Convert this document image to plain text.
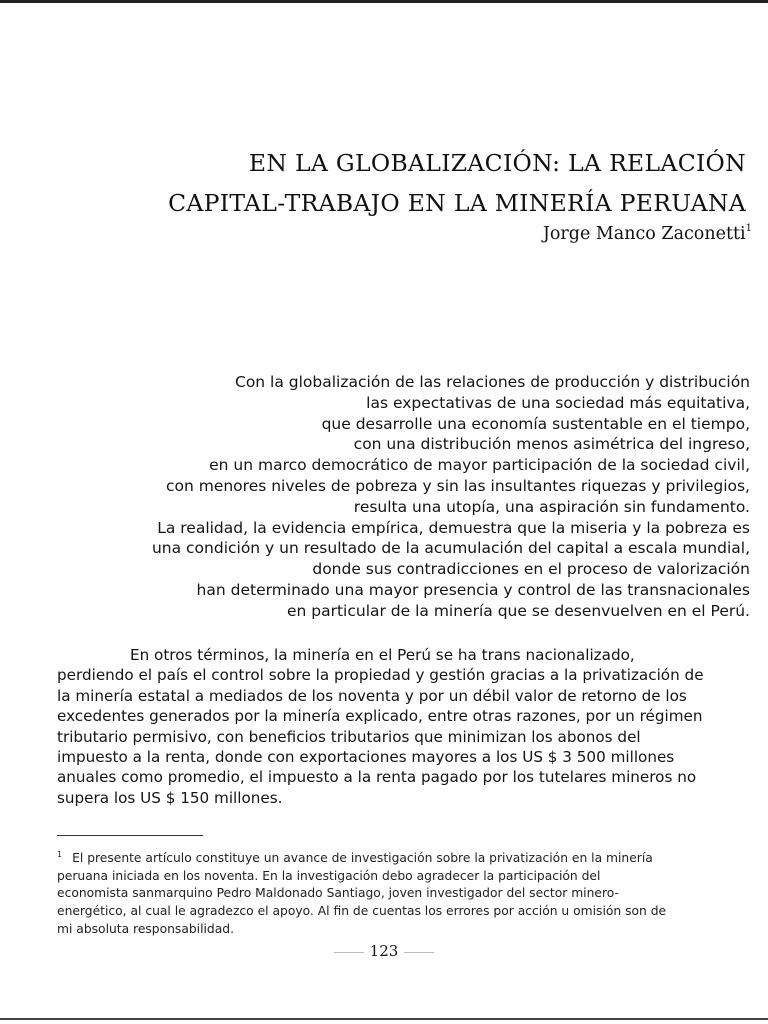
EN LA GLOBALIZACIÓN: LA RELACIÓN
CAPITAL-TRABAJO EN LA MINERÍA PERUANA
Jorge Manco Zaconetti$^1$
Con la globalización de las relaciones de producción y distribución
las expectativas de una sociedad más equitativa,
que desarrolle una economía sustentable en el tiempo,
con una distribución menos asimétrica del ingreso,
en un marco democrático de mayor participación de la sociedad civil,
con menores niveles de pobreza y sin las insultantes riquezas y privilegios,
resulta una utopía, una aspiración sin fundamento.
La realidad, la evidencia empírica, demuestra que la miseria y la pobreza es
una condición y un resultado de la acumulación del capital a escala mundial,
donde sus contradicciones en el proceso de valorización
han determinado una mayor presencia y control de las transnacionales
en particular de la minería que se desenvuelven en el Perú.
En otros términos, la minería en el Perú se ha trans nacionalizado,
perdiendo el país el control sobre la propiedad y gestión gracias a la privatización de
la minería estatal a mediados de los noventa y por un débil valor de retorno de los
excedentes generados por la minería explicado, entre otras razones, por un régimen
tributario permisivo, con beneficios tributarios que minimizan los abonos del
impuesto a la renta, donde con exportaciones mayores a los US $ 3 500 millones
anuales como promedio, el impuesto a la renta pagado por los tutelares mineros no
supera los US $ 150 millones.
$^1$ El presente artículo constituye un avance de investigación sobre la privatización en la minería
peruana iniciada en los noventa. En la investigación debo agradecer la participación del
economista sanmarquino Pedro Maldonado Santiago, joven investigador del sector minero-
energético, al cual le agradezco el apoyo. Al fin de cuentas los errores por acción u omisión son de
mi absoluta responsabilidad.
123
